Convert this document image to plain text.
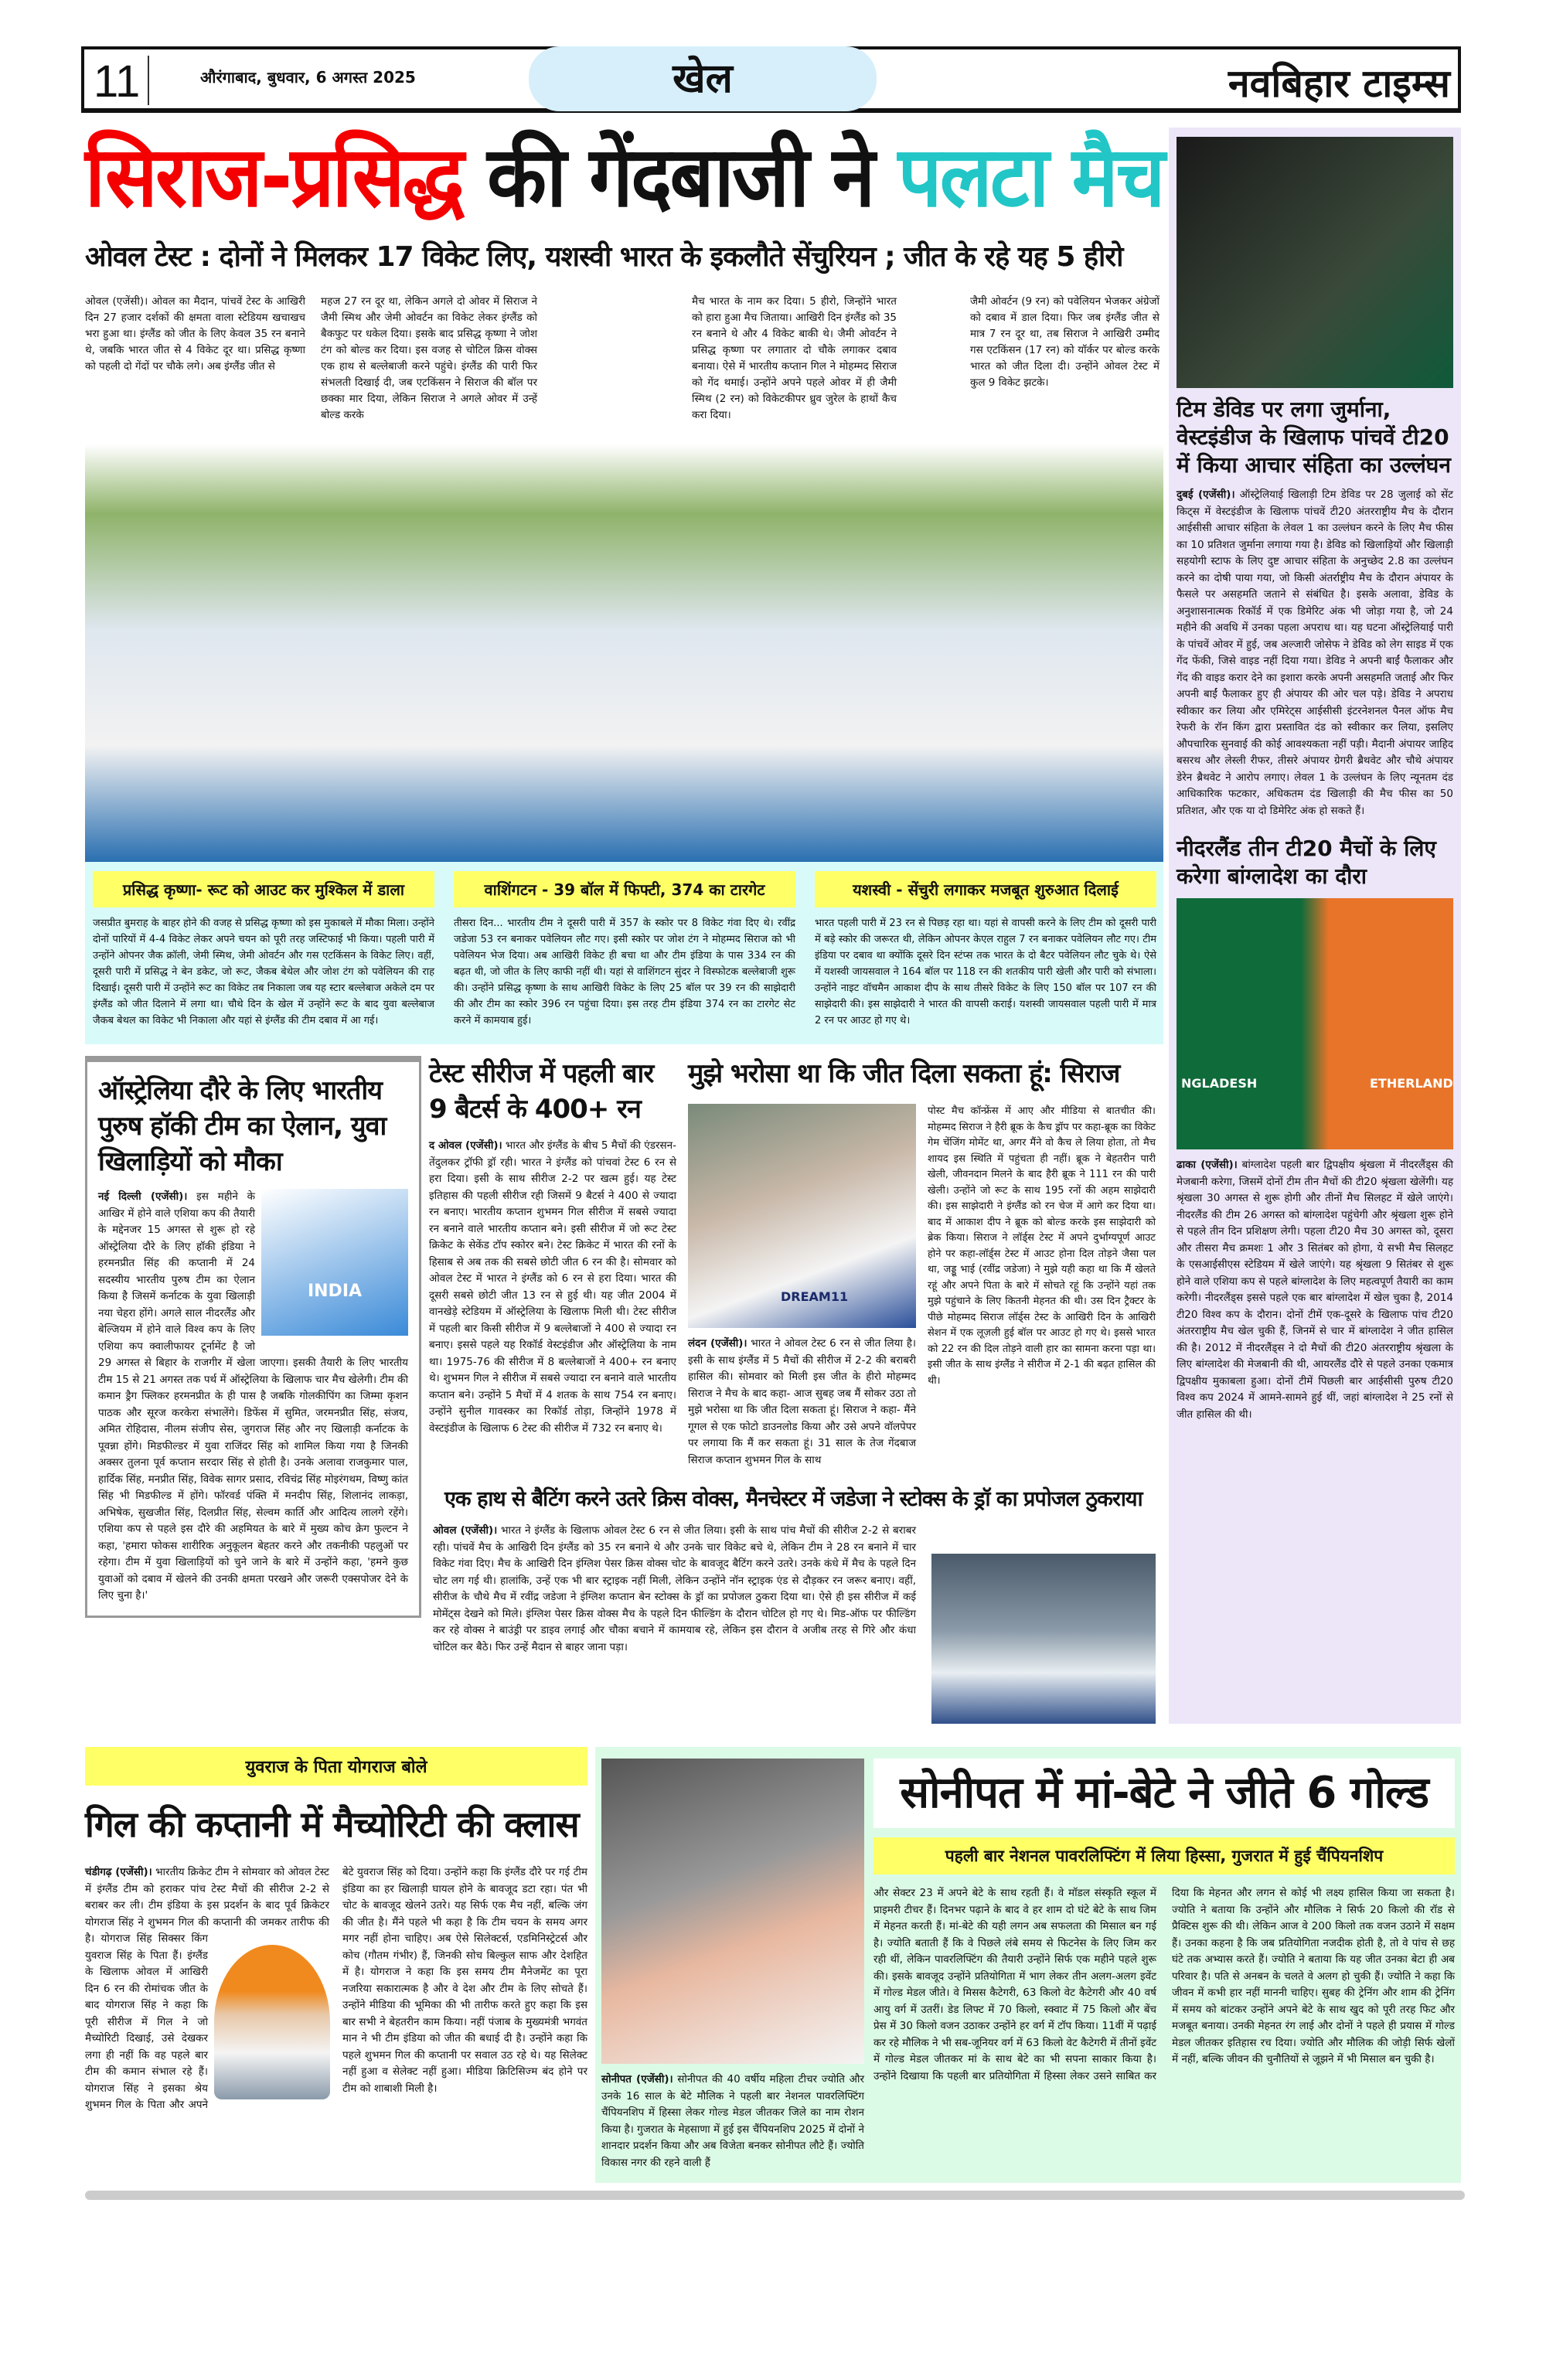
11	औरंगाबाद, बुधवार, 6 अगस्त 2025	खेल	नवबिहार टाइम्स
सिराज-प्रसिद्ध की गेंदबाजी ने पलटा मैच
ओवल टेस्ट : दोनों ने मिलकर 17 विकेट लिए, यशस्वी भारत के इकलौते सेंचुरियन ; जीत के रहे यह 5 हीरो
ओवल (एजेंसी)। ओवल का मैदान, पांचवें टेस्ट के आखिरी दिन 27 हजार दर्शकों की क्षमता वाला स्टेडियम खचाखच भरा हुआ था। इंग्लैंड को जीत के लिए केवल 35 रन बनाने थे, जबकि भारत जीत से 4 विकेट दूर था। प्रसिद्ध कृष्णा को पहली दो गेंदों पर चौके लगे। अब इंग्लैंड जीत से
महज 27 रन दूर था, लेकिन अगले दो ओवर में सिराज ने जैमी स्मिथ और जेमी ओवर्टन का विकेट लेकर इंग्लैंड को बैकफुट पर धकेल दिया। इसके बाद प्रसिद्ध कृष्णा ने जोश टंग को बोल्ड कर दिया। इस वजह से चोटिल क्रिस वोक्स एक हाथ से बल्लेबाजी करने पहुंचे। इंग्लैंड की पारी फिर संभलती दिखाई दी, जब एटकिंसन ने सिराज की बॉल पर छक्का मार दिया, लेकिन सिराज ने अगले ओवर में उन्हें बोल्ड करके
मैच भारत के नाम कर दिया। 5 हीरो, जिन्होंने भारत को हारा हुआ मैच जिताया। आखिरी दिन इंग्लैंड को 35 रन बनाने थे और 4 विकेट बाकी थे। जैमी ओवर्टन ने प्रसिद्ध कृष्णा पर लगातार दो चौके लगाकर दबाव बनाया। ऐसे में भारतीय कप्तान गिल ने मोहम्मद सिराज को गेंद थमाई। उन्होंने अपने पहले ओवर में ही जैमी स्मिथ (2 रन) को विकेटकीपर ध्रुव जुरेल के हाथों कैच करा दिया।
जैमी ओवर्टन (9 रन) को पवेलियन भेजकर अंग्रेजों को दबाव में डाल दिया। फिर जब इंग्लैंड जीत से मात्र 7 रन दूर था, तब सिराज ने आखिरी उम्मीद गस एटकिंसन (17 रन) को यॉर्कर पर बोल्ड करके भारत को जीत दिला दी। उन्होंने ओवल टेस्ट में कुल 9 विकेट झटके।
प्रसिद्ध कृष्णा- रूट को आउट कर मुश्किल में डाला

जसप्रीत बुमराह के बाहर होने की वजह से प्रसिद्ध कृष्णा को इस मुकाबले में मौका मिला। उन्होंने दोनों पारियों में 4-4 विकेट लेकर अपने चयन को पूरी तरह जस्टिफाई भी किया। पहली पारी में उन्होंने ओपनर जैक क्रॉली, जेमी स्मिथ, जेमी ओवर्टन और गस एटकिंसन के विकेट लिए। वहीं, दूसरी पारी में प्रसिद्ध ने बेन डकेट, जो रूट, जैकब बेथेल और जोश टंग को पवेलियन की राह दिखाई। दूसरी पारी में उन्होंने रूट का विकेट तब निकाला जब यह स्टार बल्लेबाज अकेले दम पर इंग्लैंड को जीत दिलाने में लगा था। चौथे दिन के खेल में उन्होंने रूट के बाद युवा बल्लेबाज जैकब बेथल का विकेट भी निकाला और यहां से इंग्लैंड की टीम दबाव में आ गई।

वाशिंगटन - 39 बॉल में फिफ्टी, 374 का टारगेट

तीसरा दिन... भारतीय टीम ने दूसरी पारी में 357 के स्कोर पर 8 विकेट गंवा दिए थे। रवींद्र जडेजा 53 रन बनाकर पवेलियन लौट गए। इसी स्कोर पर जोश टंग ने मोहम्मद सिराज को भी पवेलियन भेज दिया। अब आखिरी विकेट ही बचा था और टीम इंडिया के पास 334 रन की बढ़त थी, जो जीत के लिए काफी नहीं थी। यहां से वाशिंगटन सुंदर ने विस्फोटक बल्लेबाजी शुरू की। उन्होंने प्रसिद्ध कृष्णा के साथ आखिरी विकेट के लिए 25 बॉल पर 39 रन की साझेदारी की और टीम का स्कोर 396 रन पहुंचा दिया। इस तरह टीम इंडिया 374 रन का टारगेट सेट करने में कामयाब हुई।

यशस्वी - सेंचुरी लगाकर मजबूत शुरुआत दिलाई

भारत पहली पारी में 23 रन से पिछड़ रहा था। यहां से वापसी करने के लिए टीम को दूसरी पारी में बड़े स्कोर की जरूरत थी, लेकिन ओपनर केएल राहुल 7 रन बनाकर पवेलियन लौट गए। टीम इंडिया पर दबाव था क्योंकि दूसरे दिन स्टंप्स तक भारत के दो बैटर पवेलियन लौट चुके थे। ऐसे में यशस्वी जायसवाल ने 164 बॉल पर 118 रन की शतकीय पारी खेली और पारी को संभाला। उन्होंने नाइट वॉचमैन आकाश दीप के साथ तीसरे विकेट के लिए 150 बॉल पर 107 रन की साझेदारी की। इस साझेदारी ने भारत की वापसी कराई। यशस्वी जायसवाल पहली पारी में मात्र 2 रन पर आउट हो गए थे।

ऑस्ट्रेलिया दौरे के लिए भारतीय पुरुष हॉकी टीम का ऐलान, युवा खिलाड़ियों को मौका
INDIA
नई दिल्ली (एजेंसी)। इस महीने के आखिर में होने वाले एशिया कप की तैयारी के मद्देनजर 15 अगस्त से शुरू हो रहे ऑस्ट्रेलिया दौरे के लिए हॉकी इंडिया ने हरमनप्रीत सिंह की कप्तानी में 24 सदस्यीय भारतीय पुरुष टीम का ऐलान किया है जिसमें कर्नाटक के युवा खिलाड़ी नया चेहरा होंगे। अगले साल नीदरलैंड और बेल्जियम में होने वाले विश्व कप के लिए एशिया कप क्वालीफायर टूर्नामेंट है जो 29 अगस्त से बिहार के राजगीर में खेला जाएगा। इसकी तैयारी के लिए भारतीय टीम 15 से 21 अगस्त तक पर्थ में ऑस्ट्रेलिया के खिलाफ चार मैच खेलेगी। टीम की कमान ड्रैग फ्लिकर हरमनप्रीत के ही पास है जबकि गोलकीपिंग का जिम्मा कृशन पाठक और सूरज करकेरा संभालेंगे। डिफेंस में सुमित, जरमनप्रीत सिंह, संजय, अमित रोहिदास, नीलम संजीप सेस, जुगराज सिंह और नए खिलाड़ी कर्नाटक के पूवन्ना होंगे। मिडफील्डर में युवा राजिंदर सिंह को शामिल किया गया है जिनकी अक्सर तुलना पूर्व कप्तान सरदार सिंह से होती है। उनके अलावा राजकुमार पाल, हार्दिक सिंह, मनप्रीत सिंह, विवेक सागर प्रसाद, रविचंद्र सिंह मोइरंगथम, विष्णु कांत सिंह भी मिडफील्ड में होंगे। फॉरवर्ड पंक्ति में मनदीप सिंह, शिलानंद लाकड़ा, अभिषेक, सुखजीत सिंह, दिलप्रीत सिंह, सेल्वम कार्ति और आदित्य लालगे रहेंगे। एशिया कप से पहले इस दौरे की अहमियत के बारे में मुख्य कोच क्रेग फुल्टन ने कहा, 'हमारा फोकस शारीरिक अनुकूलन बेहतर करने और तकनीकी पहलुओं पर रहेगा। टीम में युवा खिलाड़ियों को चुने जाने के बारे में उन्होंने कहा, 'हमने कुछ युवाओं को दबाव में खेलने की उनकी क्षमता परखने और जरूरी एक्सपोजर देने के लिए चुना है।'
टेस्ट सीरीज में पहली बार 9 बैटर्स के 400+ रन
द ओवल (एजेंसी)। भारत और इंग्लैंड के बीच 5 मैचों की एंडरसन-तेंदुलकर ट्रॉफी ड्रॉ रही। भारत ने इंग्लैंड को पांचवां टेस्ट 6 रन से हरा दिया। इसी के साथ सीरीज 2-2 पर खत्म हुई। यह टेस्ट इतिहास की पहली सीरीज रही जिसमें 9 बैटर्स ने 400 से ज्यादा रन बनाए। भारतीय कप्तान शुभमन गिल सीरीज में सबसे ज्यादा रन बनाने वाले भारतीय कप्तान बने। इसी सीरीज में जो रूट टेस्ट क्रिकेट के सेकेंड टॉप स्कोरर बने। टेस्ट क्रिकेट में भारत की रनों के हिसाब से अब तक की सबसे छोटी जीत 6 रन की है। सोमवार को ओवल टेस्ट में भारत ने इंग्लैंड को 6 रन से हरा दिया। भारत की दूसरी सबसे छोटी जीत 13 रन से हुई थी। यह जीत 2004 में वानखेड़े स्टेडियम में ऑस्ट्रेलिया के खिलाफ मिली थी। टेस्ट सीरीज में पहली बार किसी सीरीज में 9 बल्लेबाजों ने 400 से ज्यादा रन बनाए। इससे पहले यह रिकॉर्ड वेस्टइंडीज और ऑस्ट्रेलिया के नाम था। 1975-76 की सीरीज में 8 बल्लेबाजों ने 400+ रन बनाए थे। शुभमन गिल ने सीरीज में सबसे ज्यादा रन बनाने वाले भारतीय कप्तान बने। उन्होंने 5 मैचों में 4 शतक के साथ 754 रन बनाए। उन्होंने सुनील गावस्कर का रिकॉर्ड तोड़ा, जिन्होंने 1978 में वेस्टइंडीज के खिलाफ 6 टेस्ट की सीरीज में 732 रन बनाए थे।
मुझे भरोसा था कि जीत दिला सकता हूं: सिराज
DREAM11
लंदन (एजेंसी)। भारत ने ओवल टेस्ट 6 रन से जीत लिया है। इसी के साथ इंग्लैंड में 5 मैचों की सीरीज में 2-2 की बराबरी हासिल की। सोमवार को मिली इस जीत के हीरो मोहम्मद सिराज ने मैच के बाद कहा- आज सुबह जब मैं सोकर उठा तो मुझे भरोसा था कि जीत दिला सकता हूं। सिराज ने कहा- मैंने गूगल से एक फोटो डाउनलोड किया और उसे अपने वॉलपेपर पर लगाया कि मैं कर सकता हूं। 31 साल के तेज गेंदबाज सिराज कप्तान शुभमन गिल के साथ
पोस्ट मैच कॉन्फ्रेंस में आए और मीडिया से बातचीत की। मोहम्मद सिराज ने हैरी ब्रूक के कैच ड्रॉप पर कहा-ब्रूक का विकेट गेम चेंजिंग मोमेंट था, अगर मैंने वो कैच ले लिया होता, तो मैच शायद इस स्थिति में पहुंचता ही नहीं। ब्रूक ने बेहतरीन पारी खेली, जीवनदान मिलने के बाद हैरी ब्रूक ने 111 रन की पारी खेली। उन्होंने जो रूट के साथ 195 रनों की अहम साझेदारी की। इस साझेदारी ने इंग्लैंड को रन चेज में आगे कर दिया था। बाद में आकाश दीप ने ब्रूक को बोल्ड करके इस साझेदारी को ब्रेक किया। सिराज ने लॉर्ड्स टेस्ट में अपने दुर्भाग्यपूर्ण आउट होने पर कहा-लॉर्ड्स टेस्ट में आउट होना दिल तोड़ने जैसा पल था, जड्डू भाई (रवींद्र जडेजा) ने मुझे यही कहा था कि मैं खेलते रहूं और अपने पिता के बारे में सोचते रहूं कि उन्होंने यहां तक मुझे पहुंचाने के लिए कितनी मेहनत की थी। उस दिन ट्रैक्टर के पीछे मोहम्मद सिराज लॉर्ड्स टेस्ट के आखिरी दिन के आखिरी सेशन में एक लूज़ली हुई बॉल पर आउट हो गए थे। इससे भारत को 22 रन की दिल तोड़ने वाली हार का सामना करना पड़ा था। इसी जीत के साथ इंग्लैंड ने सीरीज में 2-1 की बढ़त हासिल की थी।
एक हाथ से बैटिंग करने उतरे क्रिस वोक्स, मैनचेस्टर में जडेजा ने स्टोक्स के ड्रॉ का प्रपोजल ठुकराया
ओवल (एजेंसी)। भारत ने इंग्लैंड के खिलाफ ओवल टेस्ट 6 रन से जीत लिया। इसी के साथ पांच मैचों की सीरीज 2-2 से बराबर रही। पांचवें मैच के आखिरी दिन इंग्लैंड को 35 रन बनाने थे और उनके चार विकेट बचे थे, लेकिन टीम ने 28 रन बनाने में चार विकेट गंवा दिए। मैच के आखिरी दिन इंग्लिश पेसर क्रिस वोक्स चोट के बावजूद बैटिंग करने उतरे। उनके कंधे में मैच के पहले दिन चोट लग गई थी। हालांकि, उन्हें एक भी बार स्ट्राइक नहीं मिली, लेकिन उन्होंने नॉन स्ट्राइक एंड से दौड़कर रन जरूर बनाए। वहीं, सीरीज के चौथे मैच में रवींद्र जडेजा ने इंग्लिश कप्तान बेन स्टोक्स के ड्रॉ का प्रपोजल ठुकरा दिया था। ऐसे ही इस सीरीज में कई मोमेंट्स देखने को मिले। इंग्लिश पेसर क्रिस वोक्स मैच के पहले दिन फील्डिंग के दौरान चोटिल हो गए थे। मिड-ऑफ पर फील्डिंग कर रहे वोक्स ने बाउंड्री पर डाइव लगाई और चौका बचाने में कामयाब रहे, लेकिन इस दौरान वे अजीब तरह से गिरे और कंधा चोटिल कर बैठे। फिर उन्हें मैदान से बाहर जाना पड़ा।
टिम डेविड पर लगा जुर्माना, वेस्टइंडीज के खिलाफ पांचवें टी20 में किया आचार संहिता का उल्लंघन
दुबई (एजेंसी)। ऑस्ट्रेलियाई खिलाड़ी टिम डेविड पर 28 जुलाई को सेंट किट्स में वेस्टइंडीज के खिलाफ पांचवें टी20 अंतरराष्ट्रीय मैच के दौरान आईसीसी आचार संहिता के लेवल 1 का उल्लंघन करने के लिए मैच फीस का 10 प्रतिशत जुर्माना लगाया गया है। डेविड को खिलाड़ियों और खिलाड़ी सहयोगी स्टाफ के लिए दुष्ट आचार संहिता के अनुच्छेद 2.8 का उल्लंघन करने का दोषी पाया गया, जो किसी अंतर्राष्ट्रीय मैच के दौरान अंपायर के फैसले पर असहमति जताने से संबंधित है। इसके अलावा, डेविड के अनुशासनात्मक रिकॉर्ड में एक डिमेरिट अंक भी जोड़ा गया है, जो 24 महीने की अवधि में उनका पहला अपराध था। यह घटना ऑस्ट्रेलियाई पारी के पांचवें ओवर में हुई, जब अल्जारी जोसेफ ने डेविड को लेग साइड में एक गेंद फेंकी, जिसे वाइड नहीं दिया गया। डेविड ने अपनी बाईं फैलाकर और गेंद की वाइड करार देने का इशारा करके अपनी असहमति जताई और फिर अपनी बाईं फैलाकर हुए ही अंपायर की ओर चल पड़े। डेविड ने अपराध स्वीकार कर लिया और एमिरेट्स आईसीसी इंटरनेशनल पैनल ऑफ मैच रेफरी के रॉन किंग द्वारा प्रस्तावित दंड को स्वीकार कर लिया, इसलिए औपचारिक सुनवाई की कोई आवश्यकता नहीं पड़ी। मैदानी अंपायर जाहिद बसरथ और लेस्ली रीफर, तीसरे अंपायर ग्रेगरी ब्रैथवेट और चौथे अंपायर डेरेन ब्रैथवेट ने आरोप लगाए। लेवल 1 के उल्लंघन के लिए न्यूनतम दंड आधिकारिक फटकार, अधिकतम दंड खिलाड़ी की मैच फीस का 50 प्रतिशत, और एक या दो डिमेरिट अंक हो सकते हैं।
नीदरलैंड तीन टी20 मैचों के लिए करेगा बांग्लादेश का दौरा
NGLADESH	ETHERLAND
ढाका (एजेंसी)। बांग्लादेश पहली बार द्विपक्षीय श्रृंखला में नीदरलैंड्स की मेजबानी करेगा, जिसमें दोनों टीम तीन मैचों की टी20 श्रृंखला खेलेंगी। यह श्रृंखला 30 अगस्त से शुरू होगी और तीनों मैच सिलहट में खेले जाएंगे। नीदरलैंड की टीम 26 अगस्त को बांग्लादेश पहुंचेगी और श्रृंखला शुरू होने से पहले तीन दिन प्रशिक्षण लेगी। पहला टी20 मैच 30 अगस्त को, दूसरा और तीसरा मैच क्रमशः 1 और 3 सितंबर को होगा, ये सभी मैच सिलहट के एसआईसीएस स्टेडियम में खेले जाएंगे। यह श्रृंखला 9 सितंबर से शुरू होने वाले एशिया कप से पहले बांग्लादेश के लिए महत्वपूर्ण तैयारी का काम करेगी। नीदरलैंड्स इससे पहले एक बार बांग्लादेश में खेल चुका है, 2014 टी20 विश्व कप के दौरान। दोनों टीमें एक-दूसरे के खिलाफ पांच टी20 अंतरराष्ट्रीय मैच खेल चुकी हैं, जिनमें से चार में बांग्लादेश ने जीत हासिल की है। 2012 में नीदरलैंड्स ने दो मैचों की टी20 अंतरराष्ट्रीय श्रृंखला के लिए बांग्लादेश की मेजबानी की थी, आयरलैंड दौरे से पहले उनका एकमात्र द्विपक्षीय मुकाबला हुआ। दोनों टीमें पिछली बार आईसीसी पुरुष टी20 विश्व कप 2024 में आमने-सामने हुई थीं, जहां बांग्लादेश ने 25 रनों से जीत हासिल की थी।
युवराज के पिता योगराज बोले
गिल की कप्तानी में मैच्योरिटी की क्लास
चंडीगढ़ (एजेंसी)। भारतीय क्रिकेट टीम ने सोमवार को ओवल टेस्ट में इंग्लैंड टीम को हराकर पांच टेस्ट मैचों की सीरीज 2-2 से बराबर कर ली। टीम इंडिया के इस प्रदर्शन के बाद पूर्व क्रिकेटर योगराज सिंह ने शुभमन गिल की कप्तानी की जमकर तारीफ की है। योगराज सिंह सिक्सर किंग युवराज सिंह के पिता हैं। इंग्लैंड के खिलाफ ओवल में आखिरी दिन 6 रन की रोमांचक जीत के बाद योगराज सिंह ने कहा कि पूरी सीरीज में गिल ने जो मैच्योरिटी दिखाई, उसे देखकर लगा ही नहीं कि वह पहले बार टीम की कमान संभाल रहे हैं। योगराज सिंह ने इसका श्रेय शुभमन गिल के पिता और अपने बेटे युवराज सिंह को दिया। उन्होंने कहा कि इंग्लैंड दौरे पर गई टीम इंडिया का हर खिलाड़ी घायल होने के बावजूद डटा रहा। पंत भी चोट के बावजूद खेलने उतरे। यह सिर्फ एक मैच नहीं, बल्कि जंग की जीत है। मैंने पहले भी कहा है कि टीम चयन के समय अगर मगर नहीं होना चाहिए। अब ऐसे सिलेक्टर्स, एडमिनिस्ट्रेटर्स और कोच (गौतम गंभीर) हैं, जिनकी सोच बिल्कुल साफ और देशहित में है। योगराज ने कहा कि इस समय टीम मैनेजमेंट का पूरा नजरिया सकारात्मक है और वे देश और टीम के लिए सोचते हैं। उन्होंने मीडिया की भूमिका की भी तारीफ करते हुए कहा कि इस बार सभी ने बेहतरीन काम किया। नहीं पंजाब के मुख्यमंत्री भगवंत मान ने भी टीम इंडिया को जीत की बधाई दी है। उन्होंने कहा कि पहले शुभमन गिल की कप्तानी पर सवाल उठ रहे थे। यह सिलेक्ट नहीं हुआ व सेलेक्ट नहीं हुआ। मीडिया क्रिटिसिज्म बंद होने पर टीम को शाबाशी मिली है।
सोनीपत (एजेंसी)। सोनीपत की 40 वर्षीय महिला टीचर ज्योति और उनके 16 साल के बेटे मौलिक ने पहली बार नेशनल पावरलिफ्टिंग चैंपियनशिप में हिस्सा लेकर गोल्ड मेडल जीतकर जिले का नाम रोशन किया है। गुजरात के मेहसाणा में हुई इस चैंपियनशिप 2025 में दोनों ने शानदार प्रदर्शन किया और अब विजेता बनकर सोनीपत लौटे हैं। ज्योति विकास नगर की रहने वाली हैं
सोनीपत में मां-बेटे ने जीते 6 गोल्ड
पहली बार नेशनल पावरलिफ्टिंग में लिया हिस्सा, गुजरात में हुई चैंपियनशिप
और सेक्टर 23 में अपने बेटे के साथ रहती हैं। वे मॉडल संस्कृति स्कूल में प्राइमरी टीचर हैं। दिनभर पढ़ाने के बाद वे हर शाम दो घंटे बेटे के साथ जिम में मेहनत करती हैं। मां-बेटे की यही लगन अब सफलता की मिसाल बन गई है। ज्योति बताती हैं कि वे पिछले लंबे समय से फिटनेस के लिए जिम कर रही थीं, लेकिन पावरलिफ्टिंग की तैयारी उन्होंने सिर्फ एक महीने पहले शुरू की। इसके बावजूद उन्होंने प्रतियोगिता में भाग लेकर तीन अलग-अलग इवेंट में गोल्ड मेडल जीते। वे मिसस कैटेगरी, 63 किलो वेट कैटेगरी और 40 वर्ष आयु वर्ग में उतरीं। डेड लिफ्ट में 70 किलो, स्क्वाट में 75 किलो और बेंच प्रेस में 30 किलो वजन उठाकर उन्होंने हर वर्ग में टॉप किया। 11वीं में पढ़ाई कर रहे मौलिक ने भी सब-जूनियर वर्ग में 63 किलो वेट कैटेगरी में तीनों इवेंट में गोल्ड मेडल जीतकर मां के साथ बेटे का भी सपना साकार किया है। उन्होंने दिखाया कि पहली बार प्रतियोगिता में हिस्सा लेकर उसने साबित कर दिया कि मेहनत और लगन से कोई भी लक्ष्य हासिल किया जा सकता है। ज्योति ने बताया कि उन्होंने और मौलिक ने सिर्फ 20 किलो की रॉड से प्रैक्टिस शुरू की थी। लेकिन आज वे 200 किलो तक वजन उठाने में सक्षम हैं। उनका कहना है कि जब प्रतियोगिता नजदीक होती है, तो वे पांच से छह घंटे तक अभ्यास करते हैं। ज्योति ने बताया कि यह जीत उनका बेटा ही अब परिवार है। पति से अनबन के चलते वे अलग हो चुकी हैं। ज्योति ने कहा कि जीवन में कभी हार नहीं माननी चाहिए। सुबह की ट्रेनिंग और शाम की ट्रेनिंग में समय को बांटकर उन्होंने अपने बेटे के साथ खुद को पूरी तरह फिट और मजबूत बनाया। उनकी मेहनत रंग लाई और दोनों ने पहले ही प्रयास में गोल्ड मेडल जीतकर इतिहास रच दिया। ज्योति और मौलिक की जोड़ी सिर्फ खेलों में नहीं, बल्कि जीवन की चुनौतियों से जूझने में भी मिसाल बन चुकी है।
